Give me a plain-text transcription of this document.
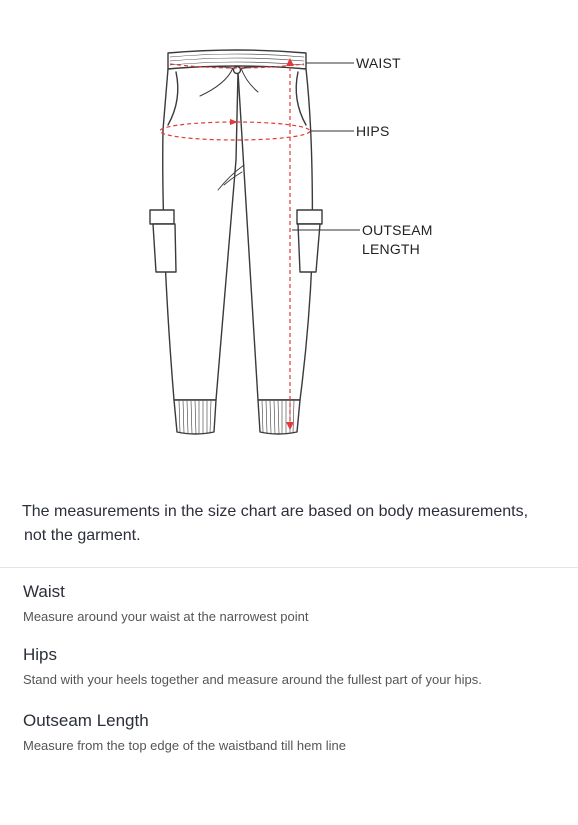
WAIST
HIPS
OUTSEAM
LENGTH
The measurements in the size chart are based on body measurements,
not the garment.
Waist
Measure around your waist at the narrowest point
Hips
Stand with your heels together and measure around the fullest part of your hips.
Outseam Length
Measure from the top edge of the waistband till hem line
